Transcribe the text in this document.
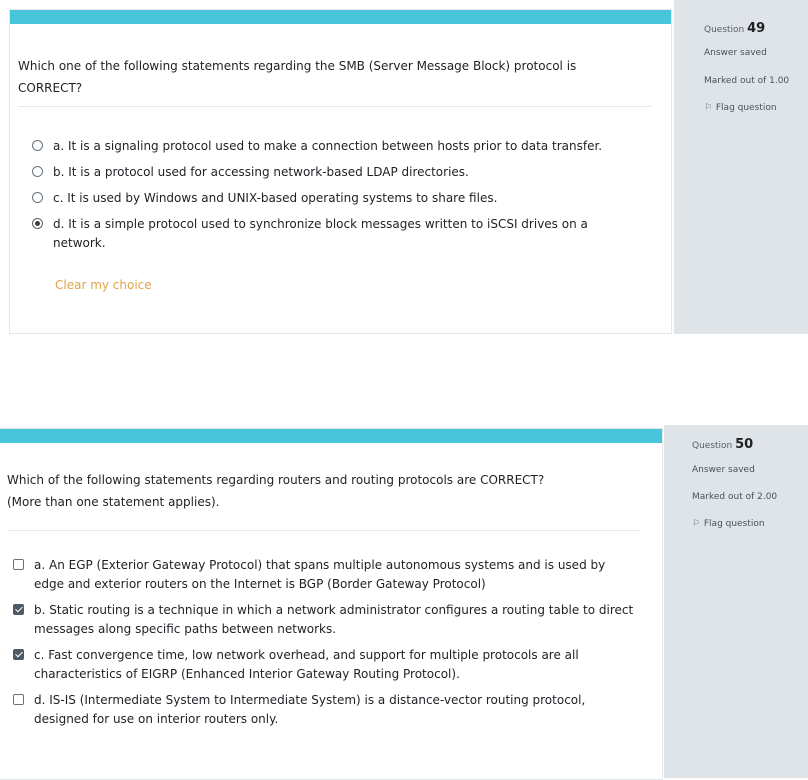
Which one of the following statements regarding the SMB (Server Message Block) protocol is
CORRECT?
a. It is a signaling protocol used to make a connection between hosts prior to data transfer.
b. It is a protocol used for accessing network-based LDAP directories.
c. It is used by Windows and UNIX-based operating systems to share files.
d. It is a simple protocol used to synchronize block messages written to iSCSI drives on a network.
Clear my choice
Question 49
Answer saved
Marked out of 1.00
⚐ Flag question
Which of the following statements regarding routers and routing protocols are CORRECT?
(More than one statement applies).
a. An EGP (Exterior Gateway Protocol) that spans multiple autonomous systems and is used by edge and exterior routers on the Internet is BGP (Border Gateway Protocol)
b. Static routing is a technique in which a network administrator configures a routing table to direct messages along specific paths between networks.
c. Fast convergence time, low network overhead, and support for multiple protocols are all characteristics of EIGRP (Enhanced Interior Gateway Routing Protocol).
d. IS-IS (Intermediate System to Intermediate System) is a distance-vector routing protocol, designed for use on interior routers only.
Question 50
Answer saved
Marked out of 2.00
⚐ Flag question
